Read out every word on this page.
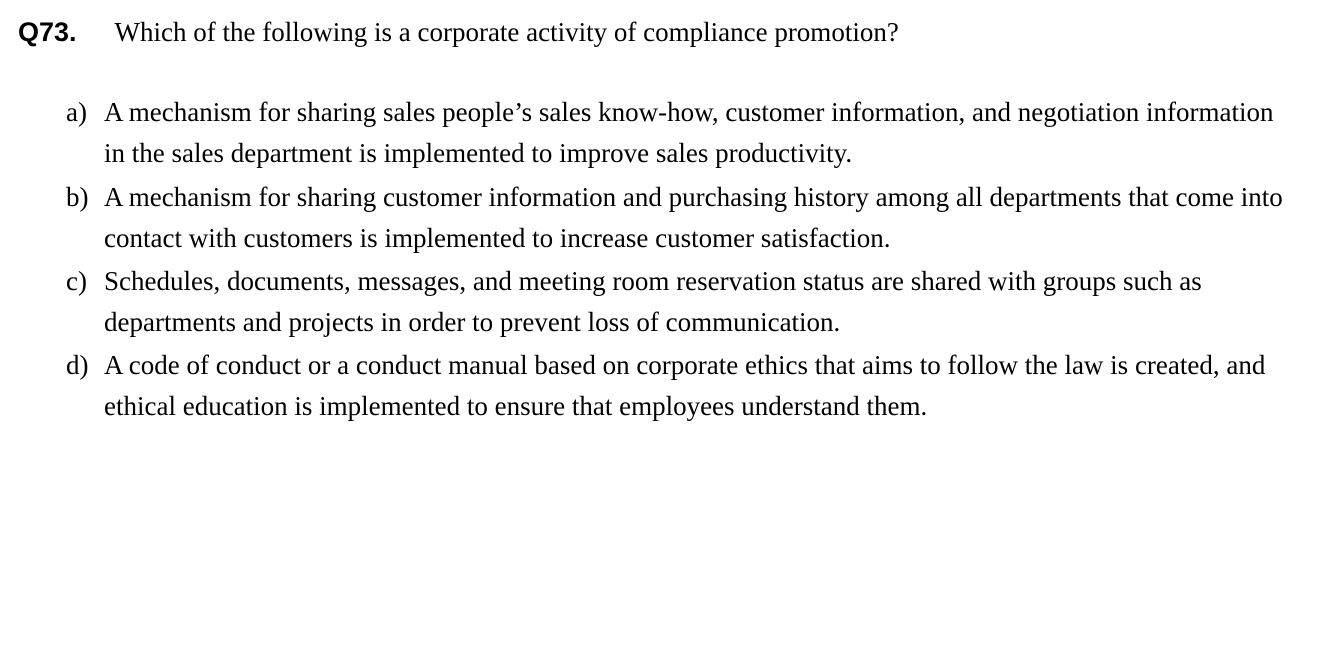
Q73. Which of the following is a corporate activity of compliance promotion?
a) A mechanism for sharing sales people’s sales know-how, customer information, and negotiation information in the sales department is implemented to improve sales productivity.
b) A mechanism for sharing customer information and purchasing history among all departments that come into contact with customers is implemented to increase customer satisfaction.
c) Schedules, documents, messages, and meeting room reservation status are shared with groups such as departments and projects in order to prevent loss of communication.
d) A code of conduct or a conduct manual based on corporate ethics that aims to follow the law is created, and ethical education is implemented to ensure that employees understand them.
